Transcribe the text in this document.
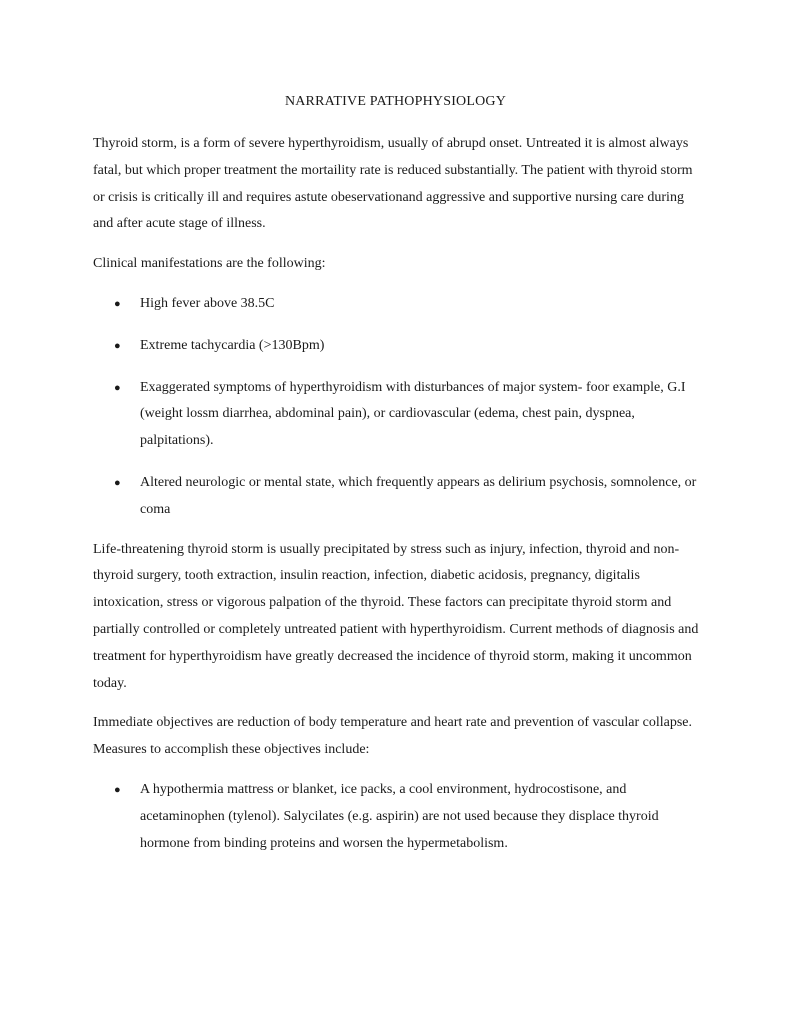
NARRATIVE PATHOPHYSIOLOGY

Thyroid storm, is a form of severe hyperthyroidism, usually of abrupd onset. Untreated it is almost always fatal, but which proper treatment the mortaility rate is reduced substantially. The patient with thyroid storm or crisis is critically ill and requires astute obeservationand aggressive and supportive nursing care during and after acute stage of illness.

Clinical manifestations are the following:

● High fever above 38.5C
● Extreme tachycardia (>130Bpm)
● Exaggerated symptoms of hyperthyroidism with disturbances of major system- foor example, G.I (weight lossm diarrhea, abdominal pain), or cardiovascular (edema, chest pain, dyspnea, palpitations).
● Altered neurologic or mental state, which frequently appears as delirium psychosis, somnolence, or coma

Life-threatening thyroid storm is usually precipitated by stress such as injury, infection, thyroid and non-thyroid surgery, tooth extraction, insulin reaction, infection, diabetic acidosis, pregnancy, digitalis intoxication, stress or vigorous palpation of the thyroid. These factors can precipitate thyroid storm and partially controlled or completely untreated patient with hyperthyroidism. Current methods of diagnosis and treatment for hyperthyroidism have greatly decreased the incidence of thyroid storm, making it uncommon today.

Immediate objectives are reduction of body temperature and heart rate and prevention of vascular collapse. Measures to accomplish these objectives include:

● A hypothermia mattress or blanket, ice packs, a cool environment, hydrocostisone, and acetaminophen (tylenol). Salycilates (e.g. aspirin) are not used because they displace thyroid hormone from binding proteins and worsen the hypermetabolism.
